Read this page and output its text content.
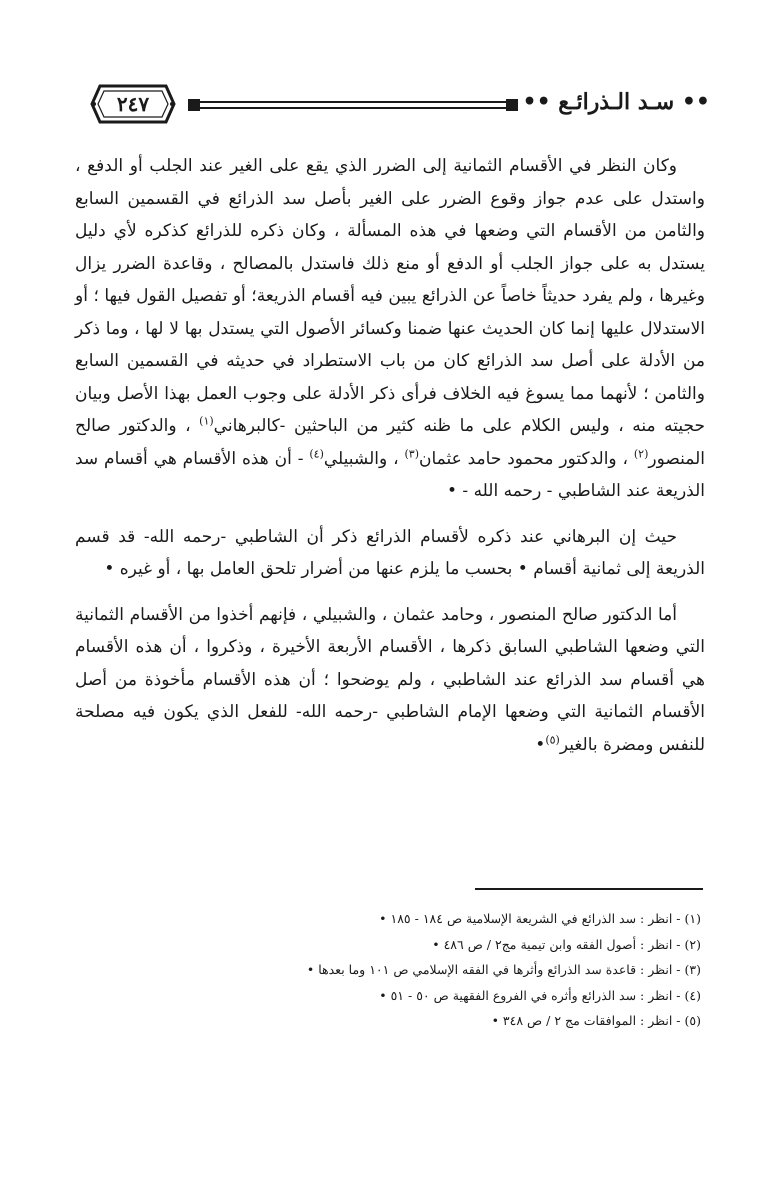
•• سـد الـذرائـع ••
٢٤٧

وكان النظر في الأقسام الثمانية إلى الضرر الذي يقع على الغير عند الجلب أو الدفع ، واستدل على عدم جواز وقوع الضرر على الغير بأصل سد الذرائع في القسمين السابع والثامن من الأقسام التي وضعها في هذه المسألة ، وكان ذكره للذرائع كذكره لأي دليل يستدل به على جواز الجلب أو الدفع أو منع ذلك فاستدل بالمصالح ، وقاعدة الضرر يزال وغيرها ، ولم يفرد حديثاً خاصاً عن الذرائع يبين فيه أقسام الذريعة؛ أو تفصيل القول فيها ؛ أو الاستدلال عليها إنما كان الحديث عنها ضمنا وكسائر الأصول التي يستدل بها لا لها ، وما ذكر من الأدلة على أصل سد الذرائع كان من باب الاستطراد في حديثه في القسمين السابع والثامن ؛ لأنهما مما يسوغ فيه الخلاف فرأى ذكر الأدلة على وجوب العمل بهذا الأصل وبيان حجيته منه ، وليس الكلام على ما ظنه كثير من الباحثين -كالبرهاني$^{(١)}$ ، والدكتور صالح المنصور$^{(٢)}$ ، والدكتور محمود حامد عثمان$^{(٣)}$ ، والشبيلي$^{(٤)}$ - أن هذه الأقسام هي أقسام سد الذريعة عند الشاطبي - رحمه الله - •

حيث إن البرهاني عند ذكره لأقسام الذرائع ذكر أن الشاطبي -رحمه الله- قد قسم الذريعة إلى ثمانية أقسام • بحسب ما يلزم عنها من أضرار تلحق العامل بها ، أو غيره •

أما الدكتور صالح المنصور ، وحامد عثمان ، والشبيلي ، فإنهم أخذوا من الأقسام الثمانية التي وضعها الشاطبي السابق ذكرها ، الأقسام الأربعة الأخيرة ، وذكروا ، أن هذه الأقسام هي أقسام سد الذرائع عند الشاطبي ، ولم يوضحوا ؛ أن هذه الأقسام مأخوذة من أصل الأقسام الثمانية التي وضعها الإمام الشاطبي -رحمه الله- للفعل الذي يكون فيه مصلحة للنفس ومضرة بالغير$^{(٥)}$•

(١) - انظر : سد الذرائع في الشريعة الإسلامية ص ١٨٤ - ١٨٥ •
(٢) - انظر : أصول الفقه وابن تيمية مج٢ / ص ٤٨٦ •
(٣) - انظر : قاعدة سد الذرائع وأثرها في الفقه الإسلامي ص ١٠١ وما بعدها •
(٤) - انظر : سد الذرائع وأثره في الفروع الفقهية ص ٥٠ - ٥١ •
(٥) - انظر : الموافقات مج ٢ / ص ٣٤٨ •
